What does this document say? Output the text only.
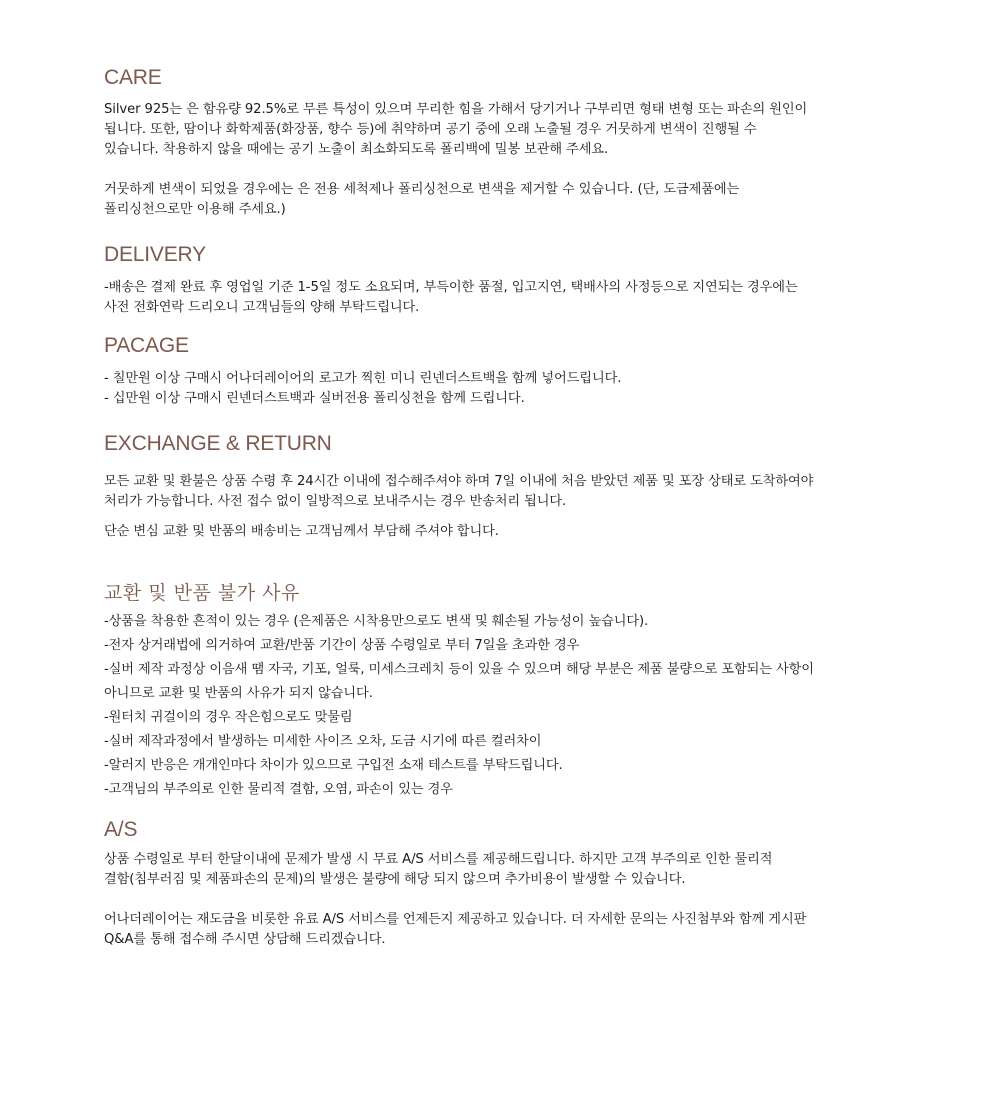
CARE

Silver 925는 은 함유량 92.5%로 무른 특성이 있으며 무리한 힘을 가해서 당기거나 구부리면 형태 변형 또는 파손의 원인이

됩니다. 또한, 땀이나 화학제품(화장품, 향수 등)에 취약하며 공기 중에 오래 노출될 경우 거뭇하게 변색이 진행될 수

있습니다. 착용하지 않을 때에는 공기 노출이 최소화되도록 폴리백에 밀봉 보관해 주세요.

거뭇하게 변색이 되었을 경우에는 은 전용 세척제나 폴리싱천으로 변색을 제거할 수 있습니다. (단, 도금제품에는

폴리싱천으로만 이용해 주세요.)

DELIVERY

-배송은 결제 완료 후 영업일 기준 1-5일 정도 소요되며, 부득이한 품절, 입고지연, 택배사의 사정등으로 지연되는 경우에는

사전 전화연락 드리오니 고객님들의 양해 부탁드립니다.

PACAGE

- 칠만원 이상 구매시 어나더레이어의 로고가 찍힌 미니 린넨더스트백을 함께 넣어드립니다.

- 십만원 이상 구매시 린넨더스트백과 실버전용 폴리싱천을 함께 드립니다.

EXCHANGE & RETURN

모든 교환 및 환불은 상품 수령 후 24시간 이내에 접수해주셔야 하며 7일 이내에 처음 받았던 제품 및 포장 상태로 도착하여야

처리가 가능합니다. 사전 접수 없이 일방적으로 보내주시는 경우 반송처리 됩니다.

단순 변심 교환 및 반품의 배송비는 고객님께서 부담해 주셔야 합니다.

교환 및 반품 불가 사유

-상품을 착용한 흔적이 있는 경우 (은제품은 시착용만으로도 변색 및 훼손될 가능성이 높습니다).

-전자 상거래법에 의거하여 교환/반품 기간이 상품 수령일로 부터 7일을 초과한 경우

-실버 제작 과정상 이음새 땜 자국, 기포, 얼룩, 미세스크레치 등이 있을 수 있으며 해당 부분은 제품 불량으로 포함되는 사항이

아니므로 교환 및 반품의 사유가 되지 않습니다.

-원터치 귀걸이의 경우 작은힘으로도 맞물림

-실버 제작과정에서 발생하는 미세한 사이즈 오차, 도금 시기에 따른 컬러차이

-알러지 반응은 개개인마다 차이가 있으므로 구입전 소재 테스트를 부탁드립니다.

-고객님의 부주의로 인한 물리적 결함, 오염, 파손이 있는 경우

A/S

상품 수령일로 부터 한달이내에 문제가 발생 시 무료 A/S 서비스를 제공해드립니다. 하지만 고객 부주의로 인한 물리적

결함(침부러짐 및 제품파손의 문제)의 발생은 불량에 해당 되지 않으며 추가비용이 발생할 수 있습니다.

어나더레이어는 재도금을 비롯한 유료 A/S 서비스를 언제든지 제공하고 있습니다. 더 자세한 문의는 사진첨부와 함께 게시판

Q&A를 통해 접수해 주시면 상담해 드리겠습니다.
